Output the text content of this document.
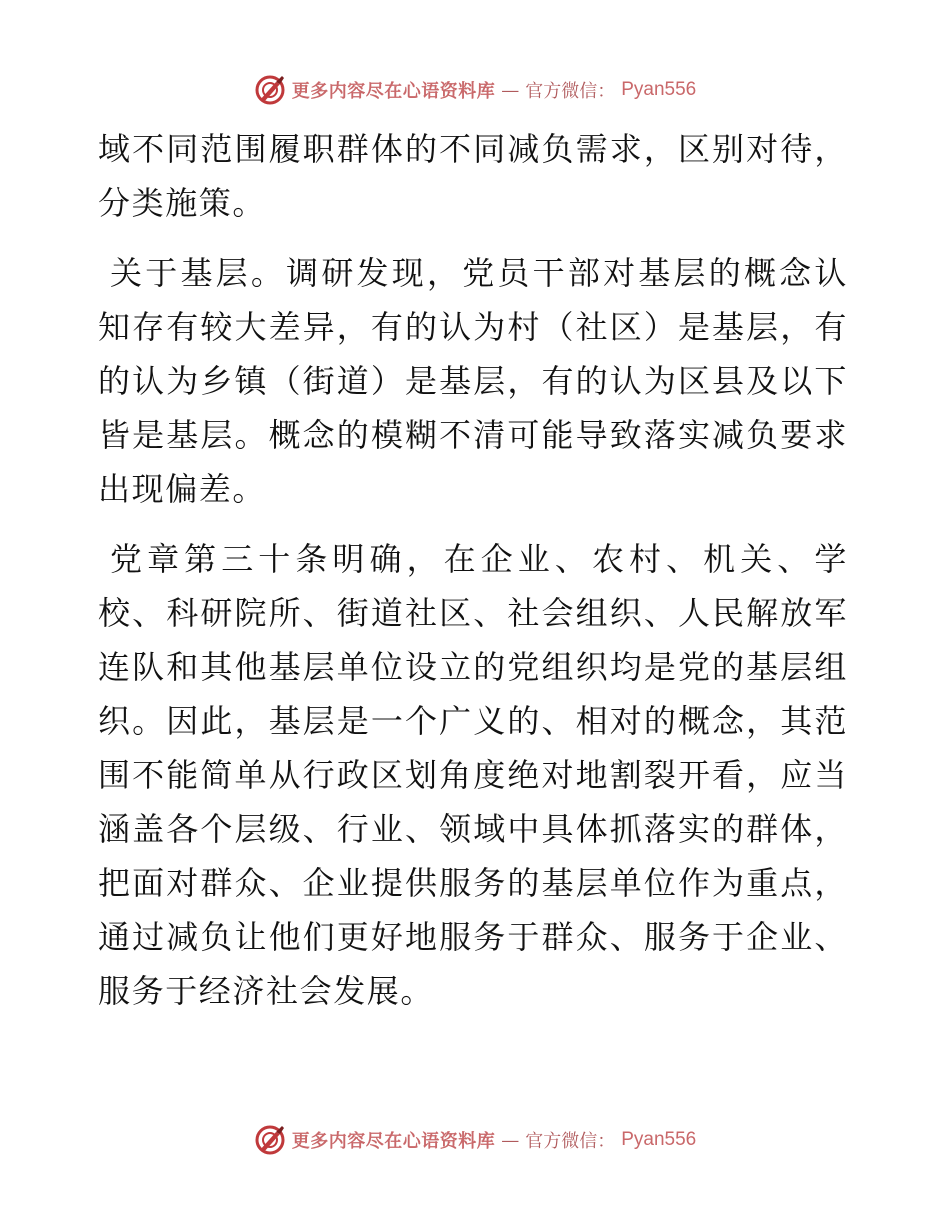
更多内容尽在心语资料库 — 官方微信： Pyan556

域不同范围履职群体的不同减负需求，区别对待，分类施策。

关于基层。调研发现，党员干部对基层的概念认知存有较大差异，有的认为村（社区）是基层，有的认为乡镇（街道）是基层，有的认为区县及以下皆是基层。概念的模糊不清可能导致落实减负要求出现偏差。

党章第三十条明确，在企业、农村、机关、学校、科研院所、街道社区、社会组织、人民解放军连队和其他基层单位设立的党组织均是党的基层组织。因此，基层是一个广义的、相对的概念，其范围不能简单从行政区划角度绝对地割裂开看，应当涵盖各个层级、行业、领域中具体抓落实的群体，把面对群众、企业提供服务的基层单位作为重点，通过减负让他们更好地服务于群众、服务于企业、服务于经济社会发展。

更多内容尽在心语资料库 — 官方微信： Pyan556
